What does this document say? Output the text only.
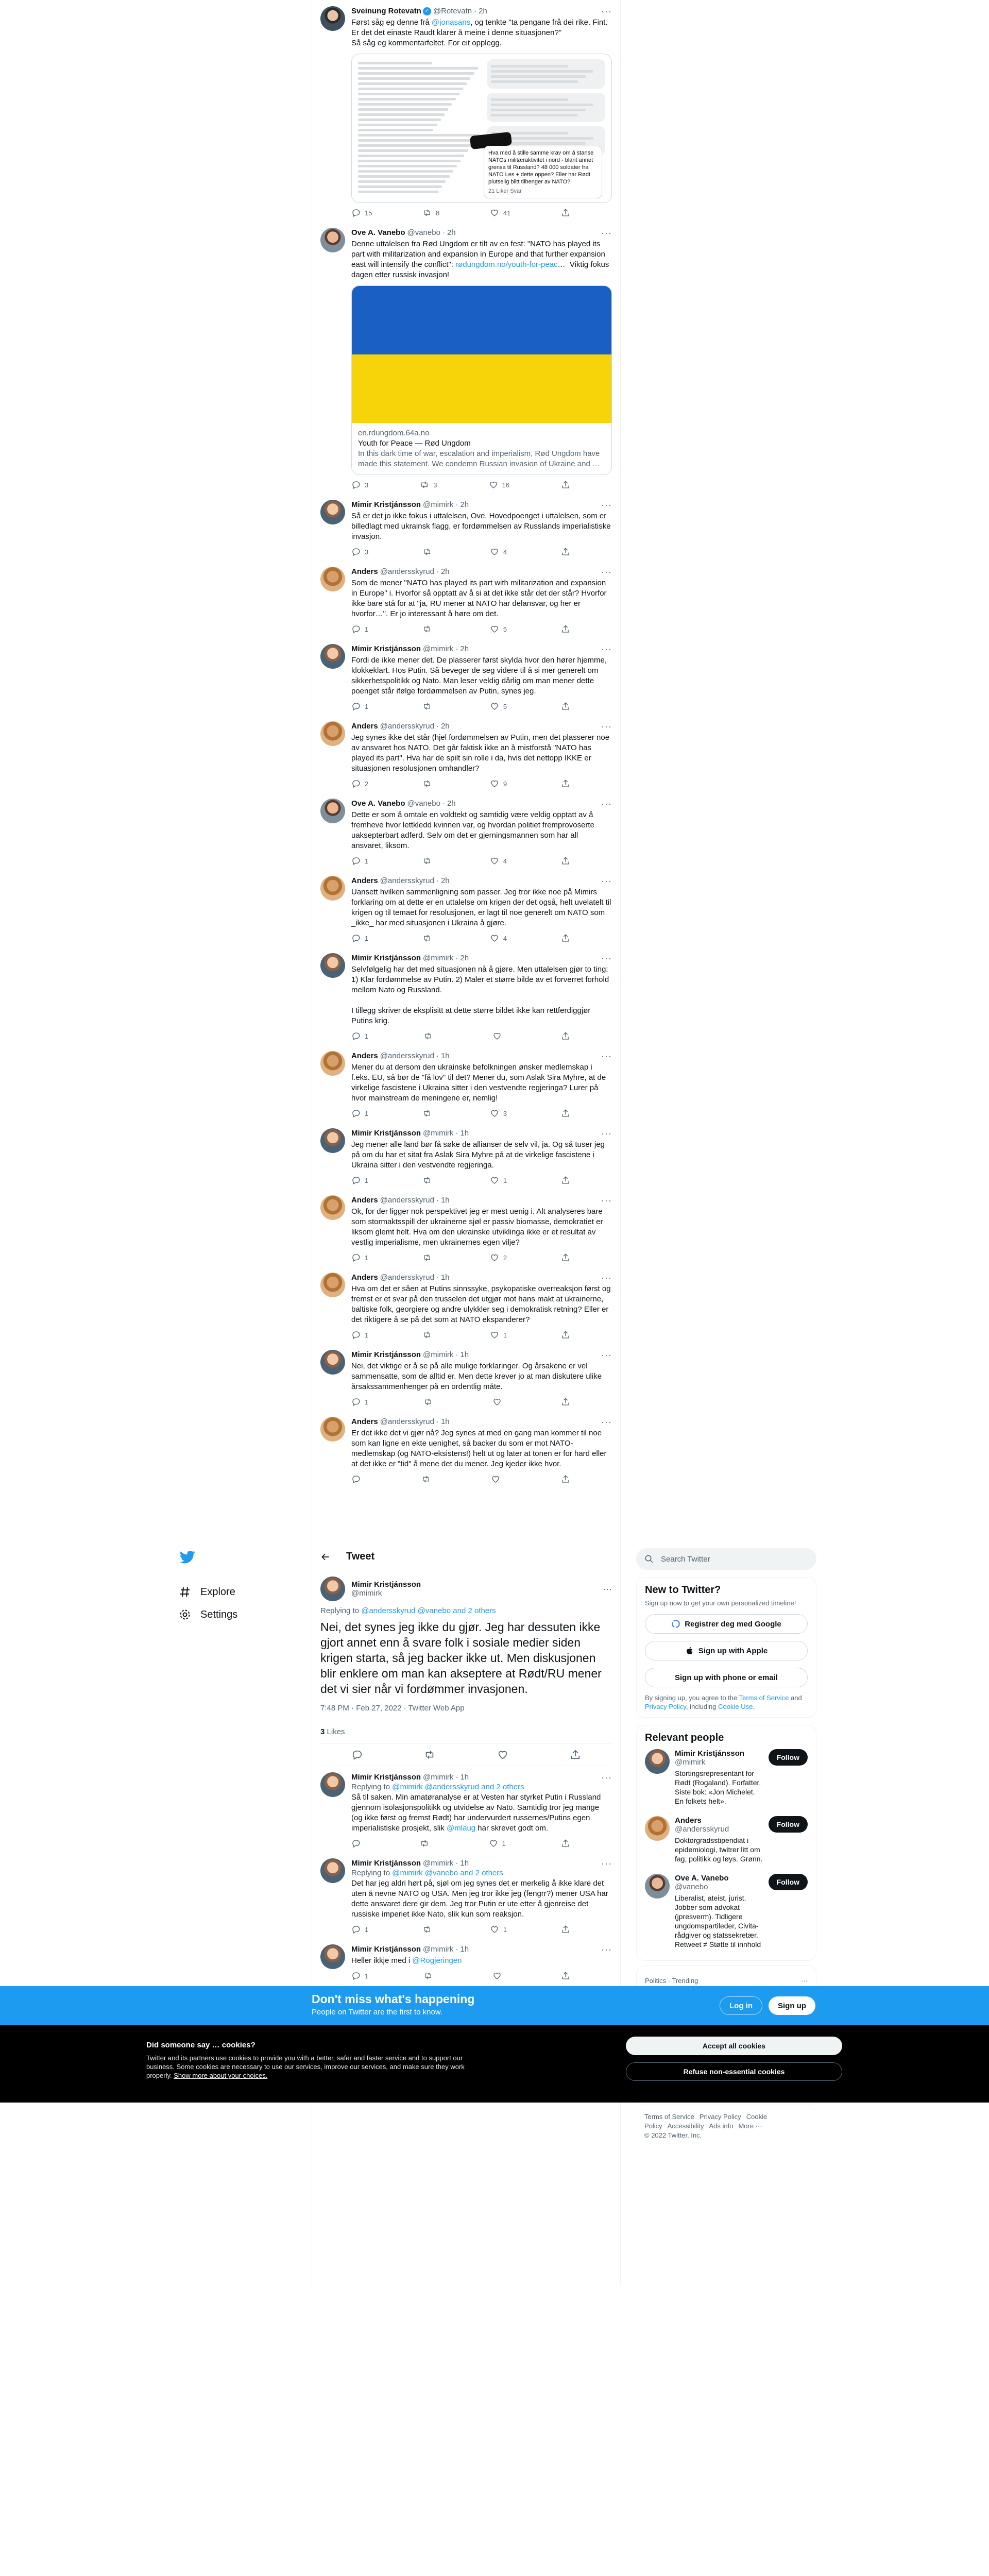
Sveinung Rotevatn ✓ @Rotevatn · 2h	···
Først såg eg denne frå @jonasans, og tenkte "ta pengane frå dei rike. Fint. Er det det einaste Raudt klarer å meine i denne situasjonen?"
Så såg eg kommentarfeltet. For eit opplegg.
Hva med å stille samme krav om å stanse NATOs militæraktivitet i nord - blant annet grensa til Russland? 48 000 soldater fra NATO Les + dette oppen? Eller har Rødt plutselig blitt tilhenger av NATO?
21 Liker Svar
15	8	41
Ove A. Vanebo @vanebo · 2h	···
Denne uttalelsen fra Rød Ungdom er tilt av en fest: "NATO has played its part with militarization and expansion in Europe and that further expansion east will intensify the conflict": rødungdom.no/youth-for-peac…  Viktig fokus dagen etter russisk invasjon!
en.rdungdom.64a.no
Youth for Peace — Rød Ungdom
In this dark time of war, escalation and imperialism, Rød Ungdom have made this statement. We condemn Russian invasion of Ukraine and …
3	3	16
Mimir Kristjánsson @mimirk · 2h	···
Så er det jo ikke fokus i uttalelsen, Ove. Hovedpoenget i uttalelsen, som er billedlagt med ukrainsk flagg, er fordømmelsen av Russlands imperialistiske invasjon.
3	4
Anders @andersskyrud · 2h	···
Som de mener "NATO has played its part with militarization and expansion in Europe" i. Hvorfor så opptatt av å si at det ikke står det der står? Hvorfor ikke bare stå for at "ja, RU mener at NATO har delansvar, og her er hvorfor…". Er jo interessant å høre om det.
1	5
Mimir Kristjánsson @mimirk · 2h	···
Fordi de ikke mener det. De plasserer først skylda hvor den hører hjemme, klokkeklart. Hos Putin. Så beveger de seg videre til å si mer generelt om sikkerhetspolitikk og Nato. Man leser veldig dårlig om man mener dette poenget står ifølge fordømmelsen av Putin, synes jeg.
1	5
Anders @andersskyrud · 2h	···
Jeg synes ikke det står (hjel fordømmelsen av Putin, men det plasserer noe av ansvaret hos NATO. Det går faktisk ikke an å mistforstå "NATO has played its part". Hva har de spilt sin rolle i da, hvis det nettopp IKKE er situasjonen resolusjonen omhandler?
2	9
Ove A. Vanebo @vanebo · 2h	···
Dette er som å omtale en voldtekt og samtidig være veldig opptatt av å fremheve hvor lettkledd kvinnen var, og hvordan politiet fremprovoserte uaksepterbart adferd. Selv om det er gjerningsmannen som har all ansvaret, liksom.
1	4
Anders @andersskyrud · 2h	···
Uansett hvilken sammenligning som passer. Jeg tror ikke noe på Mimirs forklaring om at dette er en uttalelse om krigen der det også, helt uvelatelt til krigen og til temaet for resolusjonen, er lagt til noe generelt om NATO som _ikke_ har med situasjonen i Ukraina å gjøre.
1	4
Mimir Kristjánsson @mimirk · 2h	···
Selvfølgelig har det med situasjonen nå å gjøre. Men uttalelsen gjør to ting: 1) Klar fordømmelse av Putin. 2) Maler et større bilde av et forverret forhold mellom Nato og Russland.

I tillegg skriver de eksplisitt at dette større bildet ikke kan rettferdiggjør Putins krig.
1
Anders @andersskyrud · 1h	···
Mener du at dersom den ukrainske befolkningen ønsker medlemskap i f.eks. EU, så bør de "få lov" til det? Mener du, som Aslak Sira Myhre, at de virkelige fascistene i Ukraina sitter i den vestvendte regjeringa? Lurer på hvor mainstream de meningene er, nemlig!
1	3
Mimir Kristjánsson @mimirk · 1h	···
Jeg mener alle land bør få søke de allianser de selv vil, ja. Og så tuser jeg på om du har et sitat fra Aslak Sira Myhre på at de virkelige fascistene i Ukraina sitter i den vestvendte regjeringa.
1	1
Anders @andersskyrud · 1h	···
Ok, for der ligger nok perspektivet jeg er mest uenig i. Alt analyseres bare som stormaktsspill der ukrainerne sjøl er passiv biomasse, demokratiet er liksom glemt helt. Hva om den ukrainske utviklinga ikke er et resultat av vestlig imperialisme, men ukrainernes egen vilje?
1	2
Anders @andersskyrud · 1h	···
Hva om det er såen at Putins sinnssyke, psykopatiske overreaksjon først og fremst er et svar på den trusselen det utgjør mot hans makt at ukrainerne, baltiske folk, georgiere og andre ulykkler seg i demokratisk retning? Eller er det riktigere å se på det som at NATO ekspanderer?
1	1
Mimir Kristjánsson @mimirk · 1h	···
Nei, det viktige er å se på alle mulige forklaringer. Og årsakene er vel sammensatte, som de alltid er. Men dette krever jo at man diskutere ulike årsakssammenhenger på en ordentlig måte.
1
Anders @andersskyrud · 1h	···
Er det ikke det vi gjør nå? Jeg synes at med en gang man kommer til noe som kan ligne en ekte uenighet, så backer du som er mot NATO-medlemskap (og NATO-eksistens!) helt ut og later at tonen er for hard eller at det ikke er "tid" å mene det du mener. Jeg kjeder ikke hvor.
Explore
Settings
Tweet
Mimir Kristjánsson
@mimirk	···
Replying to @andersskyrud @vanebo and 2 others
Nei, det synes jeg ikke du gjør. Jeg har dessuten ikke gjort annet enn å svare folk i sosiale medier siden krigen starta, så jeg backer ikke ut. Men diskusjonen blir enklere om man kan akseptere at Rødt/RU mener det vi sier når vi fordømmer invasjonen.
7:48 PM · Feb 27, 2022 · Twitter Web App
3 Likes
Mimir Kristjánsson @mimirk · 1h	···
Replying to @mimirk @andersskyrud and 2 others
Så til saken. Min amatøranalyse er at Vesten har styrket Putin i Russland gjennom isolasjonspolitikk og utvidelse av Nato. Samtidig tror jeg mange (og ikke først og fremst Rødt) har undervurdert russernes/Putins egen imperialistiske prosjekt, slik @mlaug har skrevet godt om.
1
Mimir Kristjánsson @mimirk · 1h	···
Replying to @mimirk @vanebo and 2 others
Det har jeg aldri hørt på, sjøl om jeg synes det er merkelig å ikke klare det uten å nevne NATO og USA. Men jeg tror ikke jeg (fengrr?) mener USA har dette ansvaret dere gir dem. Jeg tror Putin er ute etter å gjenreise det russiske imperiet ikke Nato, slik kun som reaksjon.
1	1
Mimir Kristjánsson @mimirk · 1h	···
Heller ikkje med i @Rogjeringen
1
Search Twitter
New to Twitter?
Sign up now to get your own personalized timeline!
Registrer deg med Google
Sign up with Apple
Sign up with phone or email
By signing up, you agree to the Terms of Service and Privacy Policy, including Cookie Use.
Relevant people
Mimir Kristjánsson
@mimirk
Stortingsrepresentant for Rødt (Rogaland). Forfatter. Siste bok: «Jon Michelet. En folkets helt».
Follow
Anders
@andersskyrud
Doktorgradsstipendiat i epidemiologi, twitrer litt om fag, politikk og løys. Grønn.
Follow
Ove A. Vanebo
@vanebo
Liberalist, ateist, jurist. Jobber som advokat (jpresverm). Tidligere ungdomspartileder, Civita-rådgiver og statssekretær. Retweet ≠ Støtte til innhold
Follow
Politics · Trending	···
Terms of Service Privacy Policy Cookie Policy Accessibility Ads info More ···
© 2022 Twitter, Inc.
Don't miss what's happening
People on Twitter are the first to know.
Log in	Sign up
Did someone say … cookies?

Twitter and its partners use cookies to provide you with a better, safer and faster service and to support our business. Some cookies are necessary to use our services, improve our services, and make sure they work properly. Show more about your choices.

Accept all cookies
Refuse non-essential cookies
